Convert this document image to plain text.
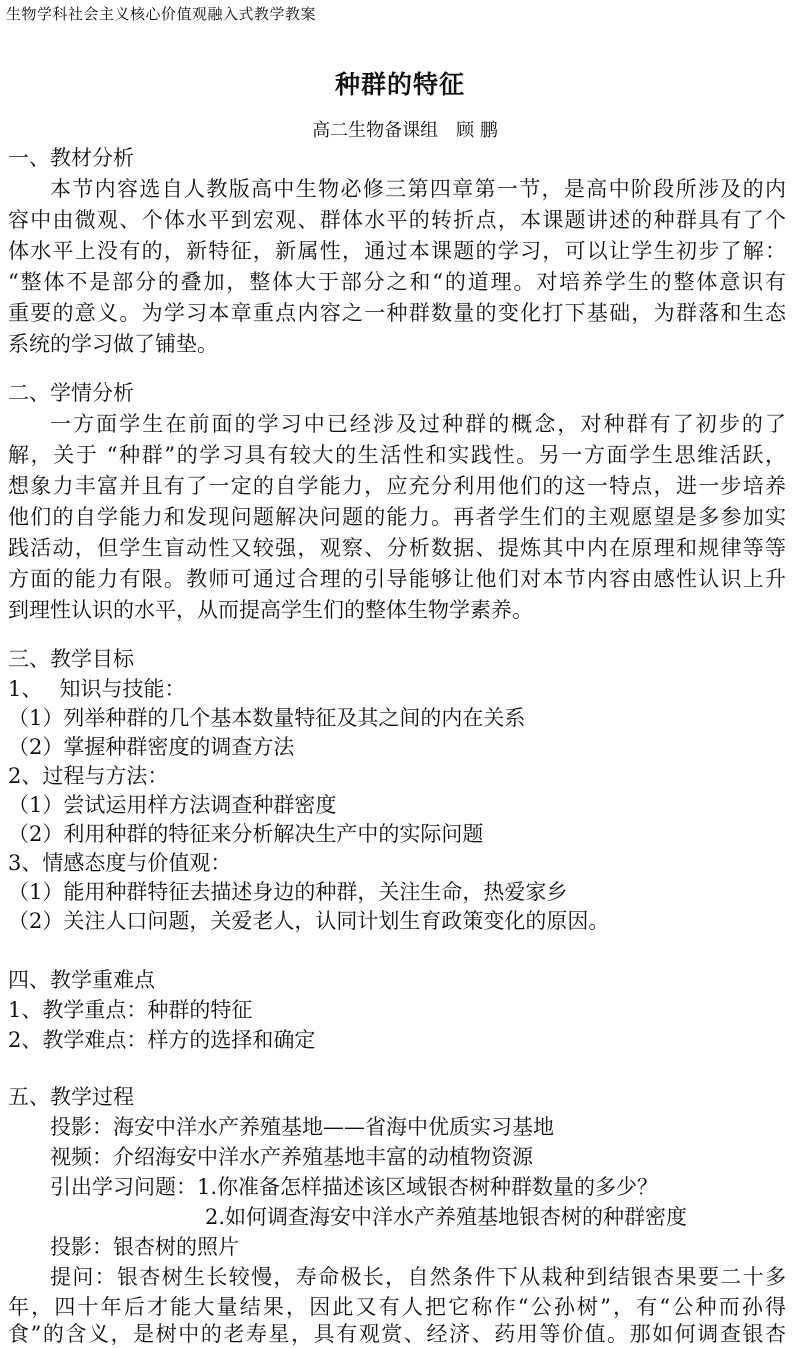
生物学科社会主义核心价值观融入式教学教案
种群的特征
高二生物备课组　顾 鹏
一、教材分析
本节内容选自人教版高中生物必修三第四章第一节，是高中阶段所涉及的内
容中由微观、个体水平到宏观、群体水平的转折点，本课题讲述的种群具有了个
体水平上没有的，新特征，新属性，通过本课题的学习，可以让学生初步了解：
“整体不是部分的叠加，整体大于部分之和“的道理。对培养学生的整体意识有
重要的意义。为学习本章重点内容之一种群数量的变化打下基础，为群落和生态
系统的学习做了铺垫。
二、学情分析
一方面学生在前面的学习中已经涉及过种群的概念，对种群有了初步的了
解，关于 “种群”的学习具有较大的生活性和实践性。另一方面学生思维活跃，
想象力丰富并且有了一定的自学能力，应充分利用他们的这一特点，进一步培养
他们的自学能力和发现问题解决问题的能力。再者学生们的主观愿望是多参加实
践活动，但学生盲动性又较强，观察、分析数据、提炼其中内在原理和规律等等
方面的能力有限。教师可通过合理的引导能够让他们对本节内容由感性认识上升
到理性认识的水平，从而提高学生们的整体生物学素养。
三、教学目标
1、　 知识与技能：
（1）列举种群的几个基本数量特征及其之间的内在关系
（2）掌握种群密度的调查方法
2、过程与方法：
（1）尝试运用样方法调查种群密度
（2）利用种群的特征来分析解决生产中的实际问题
3、情感态度与价值观：
（1）能用种群特征去描述身边的种群，关注生命，热爱家乡
（2）关注人口问题，关爱老人，认同计划生育政策变化的原因。
四、教学重难点
1、教学重点：种群的特征
2、教学难点：样方的选择和确定
五、教学过程
投影：海安中洋水产养殖基地——省海中优质实习基地
视频：介绍海安中洋水产养殖基地丰富的动植物资源
引出学习问题：1.你准备怎样描述该区域银杏树种群数量的多少？
2.如何调查海安中洋水产养殖基地银杏树的种群密度
投影：银杏树的照片
提问：银杏树生长较慢，寿命极长，自然条件下从栽种到结银杏果要二十多
年，四十年后才能大量结果，因此又有人把它称作“公孙树”，有“公种而孙得
食”的含义，是树中的老寿星，具有观赏、经济、药用等价值。那如何调查银杏
